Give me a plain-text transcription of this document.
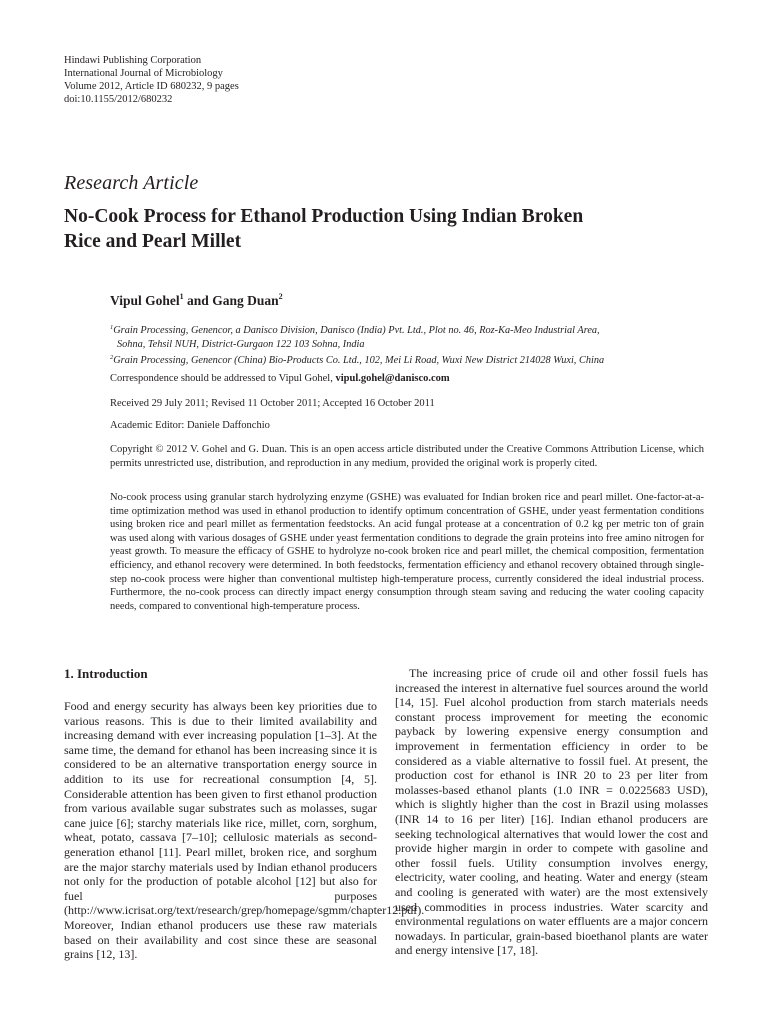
Hindawi Publishing Corporation
International Journal of Microbiology
Volume 2012, Article ID 680232, 9 pages
doi:10.1155/2012/680232
Research Article
No-Cook Process for Ethanol Production Using Indian Broken
Rice and Pearl Millet
Vipul Gohel$^1$ and Gang Duan$^2$
$^1$Grain Processing, Genencor, a Danisco Division, Danisco (India) Pvt. Ltd., Plot no. 46, Roz-Ka-Meo Industrial Area,
Sohna, Tehsil NUH, District-Gurgaon 122 103 Sohna, India
$^2$Grain Processing, Genencor (China) Bio-Products Co. Ltd., 102, Mei Li Road, Wuxi New District 214028 Wuxi, China
Correspondence should be addressed to Vipul Gohel, vipul.gohel@danisco.com
Received 29 July 2011; Revised 11 October 2011; Accepted 16 October 2011
Academic Editor: Daniele Daffonchio
Copyright © 2012 V. Gohel and G. Duan. This is an open access article distributed under the Creative Commons Attribution License, which permits unrestricted use, distribution, and reproduction in any medium, provided the original work is properly cited.
No-cook process using granular starch hydrolyzing enzyme (GSHE) was evaluated for Indian broken rice and pearl millet. One-factor-at-a-time optimization method was used in ethanol production to identify optimum concentration of GSHE, under yeast fermentation conditions using broken rice and pearl millet as fermentation feedstocks. An acid fungal protease at a concentration of 0.2 kg per metric ton of grain was used along with various dosages of GSHE under yeast fermentation conditions to degrade the grain proteins into free amino nitrogen for yeast growth. To measure the efficacy of GSHE to hydrolyze no-cook broken rice and pearl millet, the chemical composition, fermentation efficiency, and ethanol recovery were determined. In both feedstocks, fermentation efficiency and ethanol recovery obtained through single-step no-cook process were higher than conventional multistep high-temperature process, currently considered the ideal industrial process. Furthermore, the no-cook process can directly impact energy consumption through steam saving and reducing the water cooling capacity needs, compared to conventional high-temperature process.
1. Introduction

Food and energy security has always been key priorities due to various reasons. This is due to their limited availability and increasing demand with ever increasing population [1–3]. At the same time, the demand for ethanol has been increasing since it is considered to be an alternative transportation energy source in addition to its use for recreational consumption [4, 5]. Considerable attention has been given to first ethanol production from various available sugar substrates such as molasses, sugar cane juice [6]; starchy materials like rice, millet, corn, sorghum, wheat, potato, cassava [7–10]; cellulosic materials as second-generation ethanol [11]. Pearl millet, broken rice, and sorghum are the major starchy materials used by Indian ethanol producers not only for the production of potable alcohol [12] but also for fuel purposes (http://www.icrisat.org/text/research/grep/homepage/sgmm/chapter12.pdf). Moreover, Indian ethanol producers use these raw materials based on their availability and cost since these are seasonal grains [12, 13].

The increasing price of crude oil and other fossil fuels has increased the interest in alternative fuel sources around the world [14, 15]. Fuel alcohol production from starch materials needs constant process improvement for meeting the economic payback by lowering expensive energy consumption and improvement in fermentation efficiency in order to be considered as a viable alternative to fossil fuel. At present, the production cost for ethanol is INR 20 to 23 per liter from molasses-based ethanol plants (1.0 INR = 0.0225683 USD), which is slightly higher than the cost in Brazil using molasses (INR 14 to 16 per liter) [16]. Indian ethanol producers are seeking technological alternatives that would lower the cost and provide higher margin in order to compete with gasoline and other fossil fuels. Utility consumption involves energy, electricity, water cooling, and heating. Water and energy (steam and cooling is generated with water) are the most extensively used commodities in process industries. Water scarcity and environmental regulations on water effluents are a major concern nowadays. In particular, grain-based bioethanol plants are water and energy intensive [17, 18].
